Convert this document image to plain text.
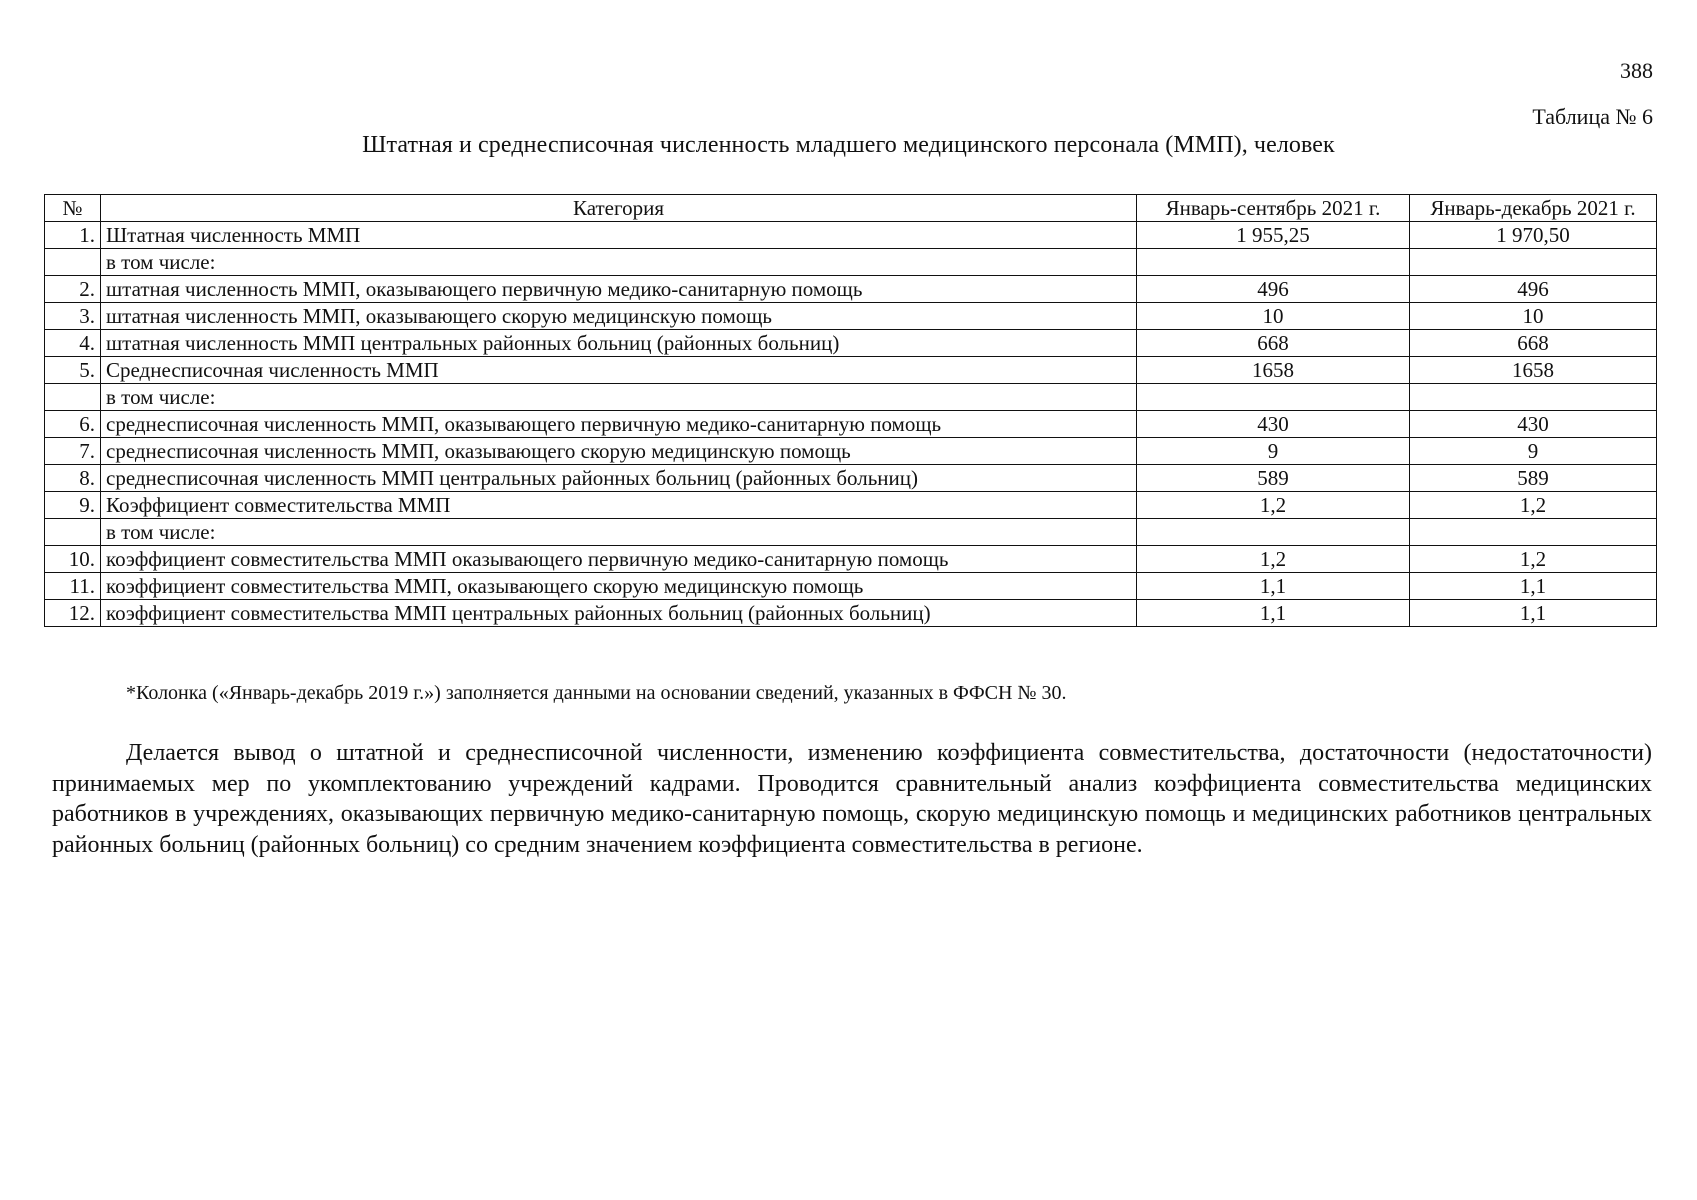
388
Таблица № 6
Штатная и среднесписочная численность младшего медицинского персонала (ММП), человек
№	Категория	Январь-сентябрь 2021 г.	Январь-декабрь 2021 г.
1.	Штатная численность ММП	1 955,25	1 970,50
	в том числе:		
2.	штатная численность ММП, оказывающего первичную медико-санитарную помощь	496	496
3.	штатная численность ММП, оказывающего скорую медицинскую помощь	10	10
4.	штатная численность ММП центральных районных больниц (районных больниц)	668	668
5.	Среднесписочная численность ММП	1658	1658
	в том числе:		
6.	среднесписочная численность ММП, оказывающего первичную медико-санитарную помощь	430	430
7.	среднесписочная численность ММП, оказывающего скорую медицинскую помощь	9	9
8.	среднесписочная численность ММП центральных районных больниц (районных больниц)	589	589
9.	Коэффициент совместительства ММП	1,2	1,2
	в том числе:		
10.	коэффициент совместительства ММП оказывающего первичную медико-санитарную помощь	1,2	1,2
11.	коэффициент совместительства ММП, оказывающего скорую медицинскую помощь	1,1	1,1
12.	коэффициент совместительства ММП центральных районных больниц (районных больниц)	1,1	1,1
*Колонка («Январь-декабрь 2019 г.») заполняется данными на основании сведений, указанных в ФФСН № 30.

Делается вывод о штатной и среднесписочной численности, изменению коэффициента совместительства, достаточности (недостаточности) принимаемых мер по укомплектованию учреждений кадрами. Проводится сравнительный анализ коэффициента совместительства медицинских работников в учреждениях, оказывающих первичную медико-санитарную помощь, скорую медицинскую помощь и медицинских работников центральных районных больниц (районных больниц) со средним значением коэффициента совместительства в регионе.
